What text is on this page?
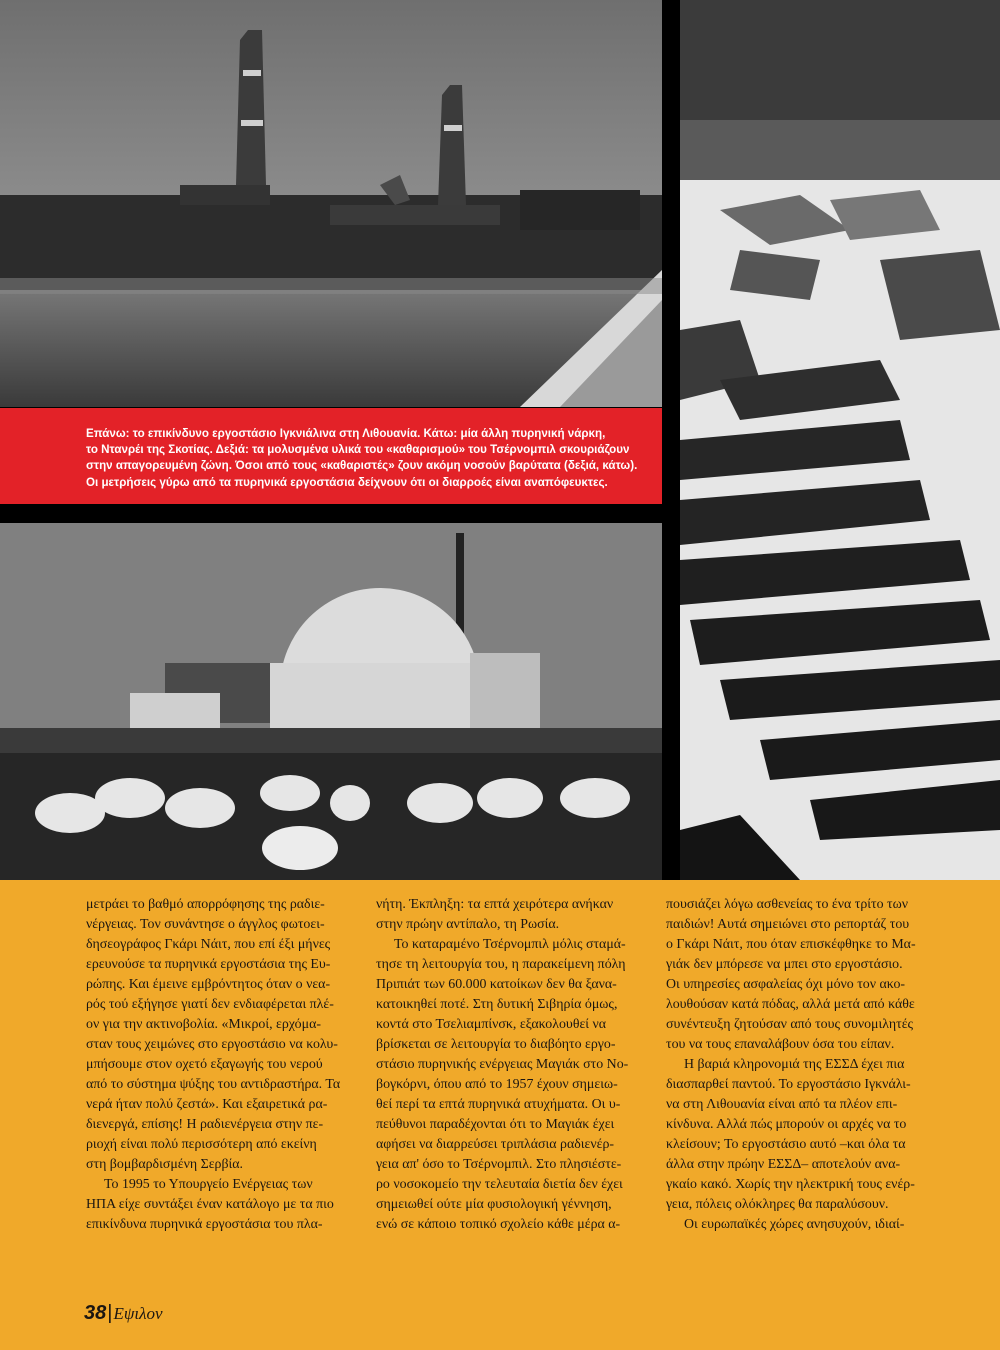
Επάνω: το επικίνδυνο εργοστάσιο Ιγκνιάλινα στη Λιθουανία. Κάτω: μία άλλη πυρηνική νάρκη,
το Ντανρέι της Σκοτίας. Δεξιά: τα μολυσμένα υλικά του «καθαρισμού» του Τσέρνομπιλ σκουριάζουν
στην απαγορευμένη ζώνη. Όσοι από τους «καθαριστές» ζουν ακόμη νοσούν βαρύτατα (δεξιά, κάτω).
Οι μετρήσεις γύρω από τα πυρηνικά εργοστάσια δείχνουν ότι οι διαρροές είναι αναπόφευκτες.
μετράει το βαθμό απορρόφησης της ραδιε-
νέργειας. Τον συνάντησε ο άγγλος φωτοει-
δησεογράφος Γκάρι Νάιτ, που επί έξι μήνες
ερευνούσε τα πυρηνικά εργοστάσια της Ευ-
ρώπης. Και έμεινε εμβρόντητος όταν ο νεα-
ρός τού εξήγησε γιατί δεν ενδιαφέρεται πλέ-
ον για την ακτινοβολία. «Μικροί, ερχόμα-
σταν τους χειμώνες στο εργοστάσιο να κολυ-
μπήσουμε στον οχετό εξαγωγής του νερού
από το σύστημα ψύξης του αντιδραστήρα. Τα
νερά ήταν πολύ ζεστά». Και εξαιρετικά ρα-
διενεργά, επίσης! Η ραδιενέργεια στην πε-
ριοχή είναι πολύ περισσότερη από εκείνη
στη βομβαρδισμένη Σερβία.
Το 1995 το Υπουργείο Ενέργειας των
ΗΠΑ είχε συντάξει έναν κατάλογο με τα πιο
επικίνδυνα πυρηνικά εργοστάσια του πλα-
νήτη. Έκπληξη: τα επτά χειρότερα ανήκαν
στην πρώην αντίπαλο, τη Ρωσία.
Το καταραμένο Τσέρνομπιλ μόλις σταμά-
τησε τη λειτουργία του, η παρακείμενη πόλη
Πριπιάτ των 60.000 κατοίκων δεν θα ξανα-
κατοικηθεί ποτέ. Στη δυτική Σιβηρία όμως,
κοντά στο Τσελιαμπίνσκ, εξακολουθεί να
βρίσκεται σε λειτουργία το διαβόητο εργο-
στάσιο πυρηνικής ενέργειας Μαγιάκ στο Νο-
βογκόρνι, όπου από το 1957 έχουν σημειω-
θεί περί τα επτά πυρηνικά ατυχήματα. Οι υ-
πεύθυνοι παραδέχονται ότι το Μαγιάκ έχει
αφήσει να διαρρεύσει τριπλάσια ραδιενέρ-
γεια απ' όσο το Τσέρνομπιλ. Στο πλησιέστε-
ρο νοσοκομείο την τελευταία διετία δεν έχει
σημειωθεί ούτε μία φυσιολογική γέννηση,
ενώ σε κάποιο τοπικό σχολείο κάθε μέρα α-
πουσιάζει λόγω ασθενείας το ένα τρίτο των
παιδιών! Αυτά σημειώνει στο ρεπορτάζ του
ο Γκάρι Νάιτ, που όταν επισκέφθηκε το Μα-
γιάκ δεν μπόρεσε να μπει στο εργοστάσιο.
Οι υπηρεσίες ασφαλείας όχι μόνο τον ακο-
λουθούσαν κατά πόδας, αλλά μετά από κάθε
συνέντευξη ζητούσαν από τους συνομιλητές
του να τους επαναλάβουν όσα του είπαν.
Η βαριά κληρονομιά της ΕΣΣΔ έχει πια
διασπαρθεί παντού. Το εργοστάσιο Ιγκνάλι-
να στη Λιθουανία είναι από τα πλέον επι-
κίνδυνα. Αλλά πώς μπορούν οι αρχές να το
κλείσουν; Το εργοστάσιο αυτό –και όλα τα
άλλα στην πρώην ΕΣΣΔ– αποτελούν ανα-
γκαίο κακό. Χωρίς την ηλεκτρική τους ενέρ-
γεια, πόλεις ολόκληρες θα παραλύσουν.
Οι ευρωπαϊκές χώρες ανησυχούν, ιδιαί-
38|Εψιλον
